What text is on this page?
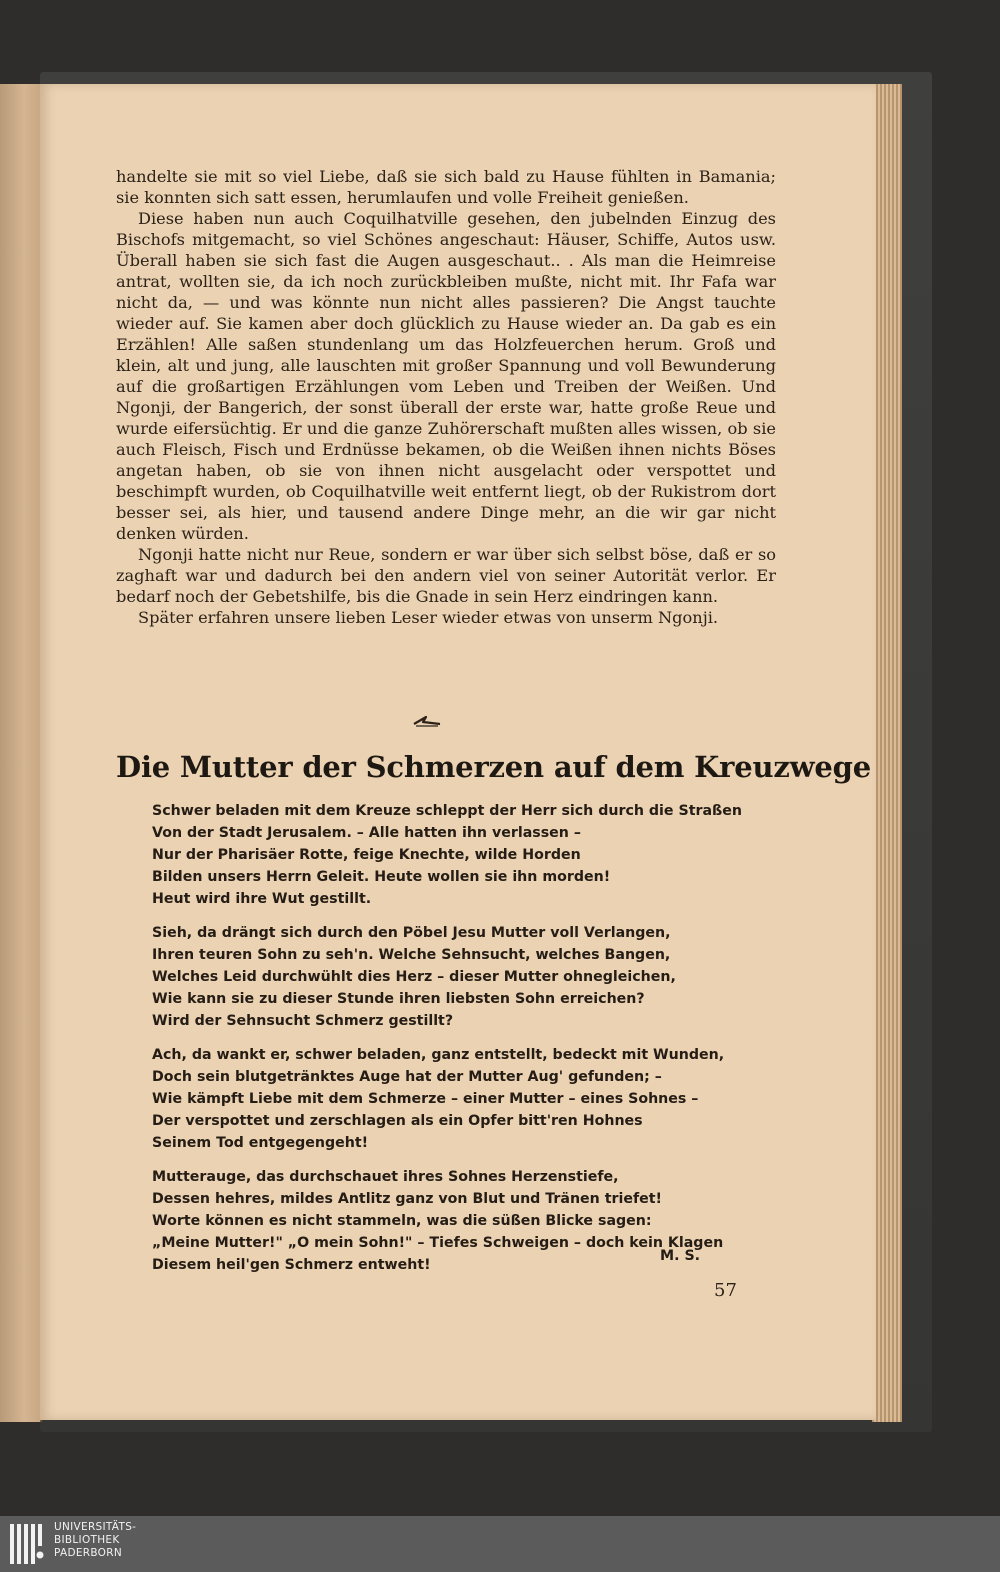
handelte sie mit so viel Liebe, daß sie sich bald zu Hause fühlten in Bamania; sie konnten sich satt essen, herumlaufen und volle Freiheit genießen.

Diese haben nun auch Coquilhatville gesehen, den jubelnden Einzug des Bischofs mitgemacht, so viel Schönes angeschaut: Häuser, Schiffe, Autos usw. Überall haben sie sich fast die Augen ausgeschaut.. . Als man die Heimreise antrat, wollten sie, da ich noch zurückbleiben mußte, nicht mit. Ihr Fafa war nicht da, — und was könnte nun nicht alles passieren? Die Angst tauchte wieder auf. Sie kamen aber doch glücklich zu Hause wieder an. Da gab es ein Erzählen! Alle saßen stundenlang um das Holzfeuerchen herum. Groß und klein, alt und jung, alle lauschten mit großer Spannung und voll Bewunderung auf die großartigen Erzählungen vom Leben und Treiben der Weißen. Und Ngonji, der Bangerich, der sonst überall der erste war, hatte große Reue und wurde eifersüchtig. Er und die ganze Zuhörerschaft mußten alles wissen, ob sie auch Fleisch, Fisch und Erdnüsse bekamen, ob die Weißen ihnen nichts Böses angetan haben, ob sie von ihnen nicht ausgelacht oder verspottet und beschimpft wurden, ob Coquilhatville weit entfernt liegt, ob der Rukistrom dort besser sei, als hier, und tausend andere Dinge mehr, an die wir gar nicht denken würden.

Ngonji hatte nicht nur Reue, sondern er war über sich selbst böse, daß er so zaghaft war und dadurch bei den andern viel von seiner Autorität verlor. Er bedarf noch der Gebetshilfe, bis die Gnade in sein Herz eindringen kann.

Später erfahren unsere lieben Leser wieder etwas von unserm Ngonji.

Die Mutter der Schmerzen auf dem Kreuzwege
Schwer beladen mit dem Kreuze schleppt der Herr sich durch die Straßen
Von der Stadt Jerusalem. – Alle hatten ihn verlassen –
Nur der Pharisäer Rotte, feige Knechte, wilde Horden
Bilden unsers Herrn Geleit. Heute wollen sie ihn morden!
Heut wird ihre Wut gestillt.
Sieh, da drängt sich durch den Pöbel Jesu Mutter voll Verlangen,
Ihren teuren Sohn zu seh'n. Welche Sehnsucht, welches Bangen,
Welches Leid durchwühlt dies Herz – dieser Mutter ohnegleichen,
Wie kann sie zu dieser Stunde ihren liebsten Sohn erreichen?
Wird der Sehnsucht Schmerz gestillt?
Ach, da wankt er, schwer beladen, ganz entstellt, bedeckt mit Wunden,
Doch sein blutgetränktes Auge hat der Mutter Aug' gefunden; –
Wie kämpft Liebe mit dem Schmerze – einer Mutter – eines Sohnes –
Der verspottet und zerschlagen als ein Opfer bitt'ren Hohnes
Seinem Tod entgegengeht!
Mutterauge, das durchschauet ihres Sohnes Herzenstiefe,
Dessen hehres, mildes Antlitz ganz von Blut und Tränen triefet!
Worte können es nicht stammeln, was die süßen Blicke sagen:
„Meine Mutter!" „O mein Sohn!" – Tiefes Schweigen – doch kein Klagen
Diesem heil'gen Schmerz entweht!
M. S.
57
UNIVERSITÄTS-
BIBLIOTHEK
PADERBORN
